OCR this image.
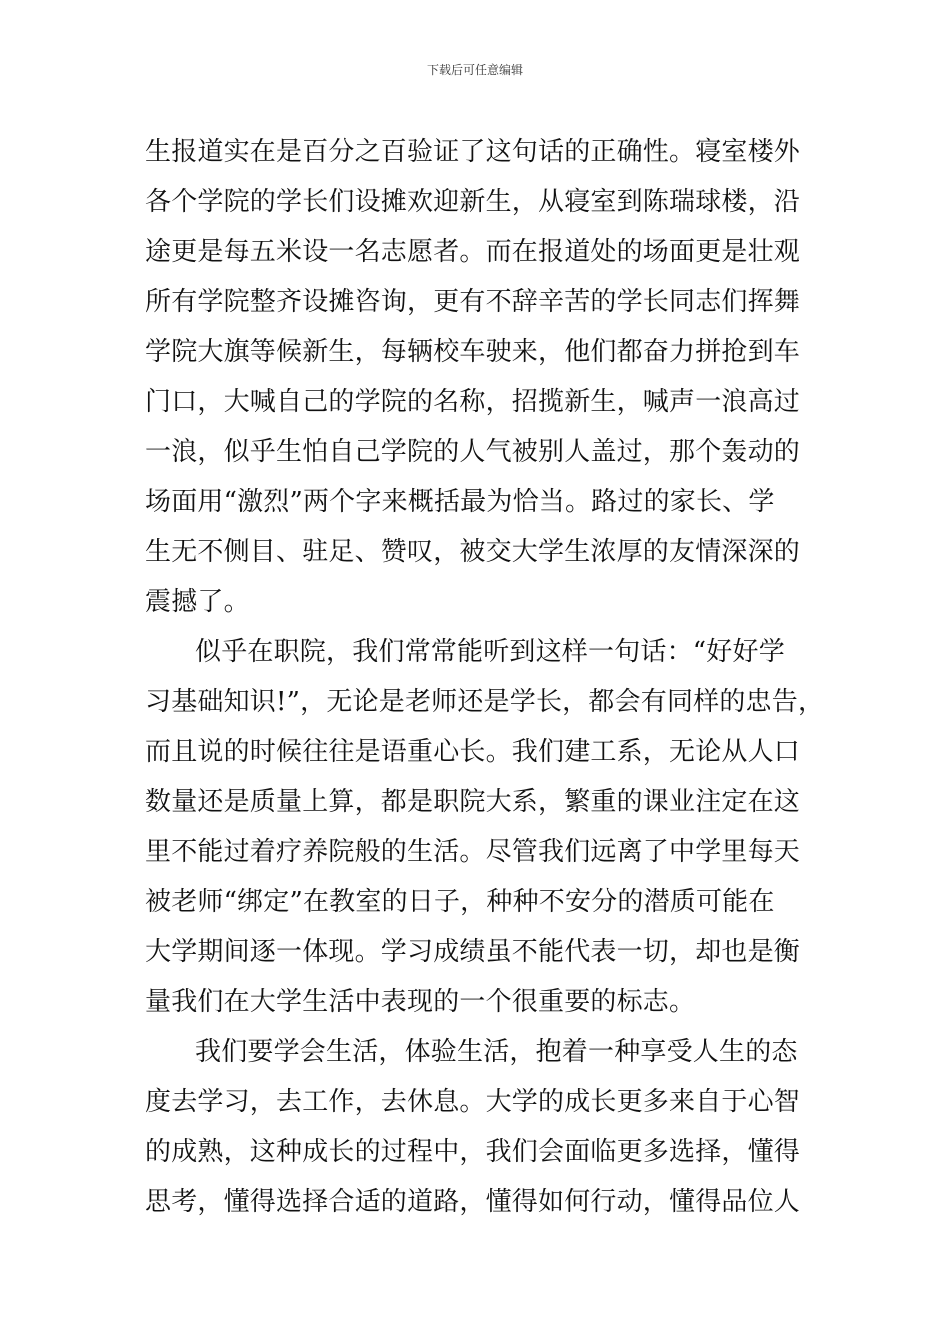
下载后可任意编辑
生报道实在是百分之百验证了这句话的正确性。寝室楼外
各个学院的学长们设摊欢迎新生，从寝室到陈瑞球楼，沿
途更是每五米设一名志愿者。而在报道处的场面更是壮观
所有学院整齐设摊咨询，更有不辞辛苦的学长同志们挥舞
学院大旗等候新生，每辆校车驶来，他们都奋力拼抢到车
门口，大喊自己的学院的名称，招揽新生，喊声一浪高过
一浪，似乎生怕自己学院的人气被别人盖过，那个轰动的
场面用“激烈”两个字来概括最为恰当。路过的家长、学
生无不侧目、驻足、赞叹，被交大学生浓厚的友情深深的
震撼了。
似乎在职院，我们常常能听到这样一句话：“好好学
习基础知识!”，无论是老师还是学长，都会有同样的忠告，
而且说的时候往往是语重心长。我们建工系，无论从人口
数量还是质量上算，都是职院大系，繁重的课业注定在这
里不能过着疗养院般的生活。尽管我们远离了中学里每天
被老师“绑定”在教室的日子，种种不安分的潜质可能在
大学期间逐一体现。学习成绩虽不能代表一切，却也是衡
量我们在大学生活中表现的一个很重要的标志。
我们要学会生活，体验生活，抱着一种享受人生的态
度去学习，去工作，去休息。大学的成长更多来自于心智
的成熟，这种成长的过程中，我们会面临更多选择，懂得
思考，懂得选择合适的道路，懂得如何行动，懂得品位人
